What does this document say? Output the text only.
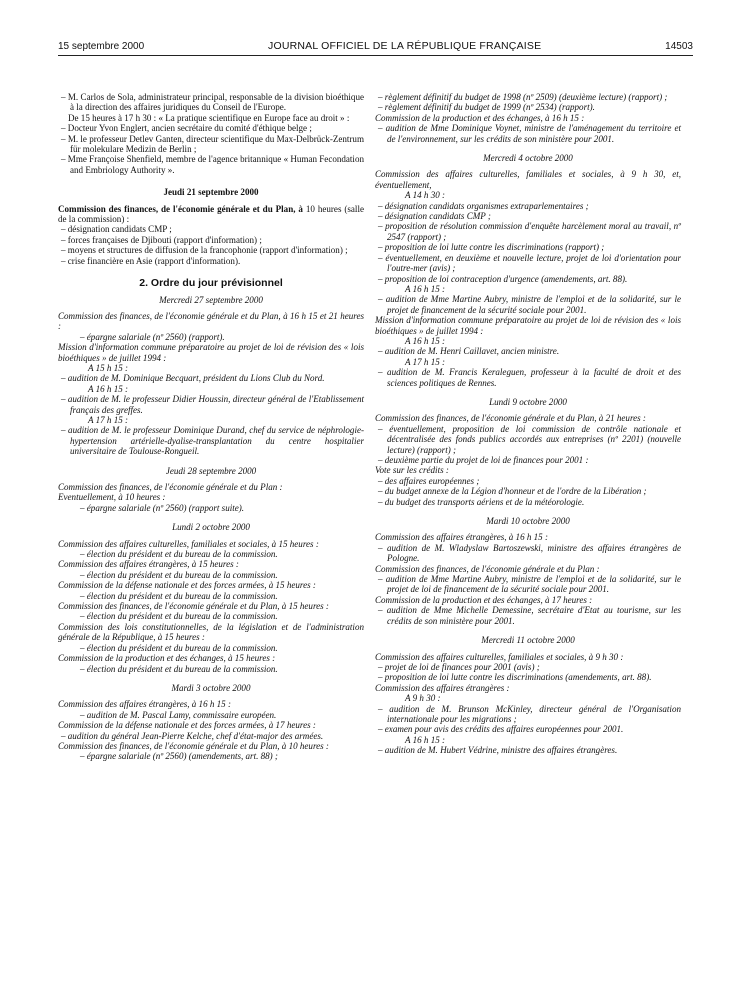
15 septembre 2000	JOURNAL OFFICIEL DE LA RÉPUBLIQUE FRANÇAISE	14503
– M. Carlos de Sola, administrateur principal, responsable de la division bioéthique à la direction des affaires juridiques du Conseil de l'Europe.
De 15 heures à 17 h 30 : « La pratique scientifique en Europe face au droit » :
– Docteur Yvon Englert, ancien secrétaire du comité d'éthique belge ;
– M. le professeur Detlev Ganten, directeur scientifique du Max-Delbrück-Zentrum für molekulare Medizin de Berlin ;
– Mme Françoise Shenfield, membre de l'agence britannique « Human Fecondation and Embriology Authority ».
Jeudi 21 septembre 2000
Commission des finances, de l'économie générale et du Plan, à 10 heures (salle de la commission) :
– désignation candidats CMP ;
– forces françaises de Djibouti (rapport d'information) ;
– moyens et structures de diffusion de la francophonie (rapport d'information) ;
– crise financière en Asie (rapport d'information).
2. Ordre du jour prévisionnel
Mercredi 27 septembre 2000
Commission des finances, de l'économie générale et du Plan, à 16 h 15 et 21 heures :
– épargne salariale (nº 2560) (rapport).
Mission d'information commune préparatoire au projet de loi de révision des « lois bioéthiques » de juillet 1994 :
A 15 h 15 :
– audition de M. Dominique Becquart, président du Lions Club du Nord.
A 16 h 15 :
– audition de M. le professeur Didier Houssin, directeur général de l'Etablissement français des greffes.
A 17 h 15 :
– audition de M. le professeur Dominique Durand, chef du service de néphrologie-hypertension artérielle-dyalise-transplantation du centre hospitalier universitaire de Toulouse-Rongueil.
Jeudi 28 septembre 2000
Commission des finances, de l'économie générale et du Plan :
Eventuellement, à 10 heures :
– épargne salariale (nº 2560) (rapport suite).
Lundi 2 octobre 2000
Commission des affaires culturelles, familiales et sociales, à 15 heures :
– élection du président et du bureau de la commission.
Commission des affaires étrangères, à 15 heures :
– élection du président et du bureau de la commission.
Commission de la défense nationale et des forces armées, à 15 heures :
– élection du président et du bureau de la commission.
Commission des finances, de l'économie générale et du Plan, à 15 heures :
– élection du président et du bureau de la commission.
Commission des lois constitutionnelles, de la législation et de l'administration générale de la République, à 15 heures :
– élection du président et du bureau de la commission.
Commission de la production et des échanges, à 15 heures :
– élection du président et du bureau de la commission.
Mardi 3 octobre 2000
Commission des affaires étrangères, à 16 h 15 :
– audition de M. Pascal Lamy, commissaire européen.
Commission de la défense nationale et des forces armées, à 17 heures :
– audition du général Jean-Pierre Kelche, chef d'état-major des armées.
Commission des finances, de l'économie générale et du Plan, à 10 heures :
– épargne salariale (nº 2560) (amendements, art. 88) ;
– règlement définitif du budget de 1998 (nº 2509) (deuxième lecture) (rapport) ;
– règlement définitif du budget de 1999 (nº 2534) (rapport).
Commission de la production et des échanges, à 16 h 15 :
– audition de Mme Dominique Voynet, ministre de l'aménagement du territoire et de l'environnement, sur les crédits de son ministère pour 2001.
Mercredi 4 octobre 2000
Commission des affaires culturelles, familiales et sociales, à 9 h 30, et, éventuellement,
A 14 h 30 :
– désignation candidats organismes extraparlementaires ;
– désignation candidats CMP ;
– proposition de résolution commission d'enquête harcèlement moral au travail, nº 2547 (rapport) ;
– proposition de loi lutte contre les discriminations (rapport) ;
– éventuellement, en deuxième et nouvelle lecture, projet de loi d'orientation pour l'outre-mer (avis) ;
– proposition de loi contraception d'urgence (amendements, art. 88).
A 16 h 15 :
– audition de Mme Martine Aubry, ministre de l'emploi et de la solidarité, sur le projet de financement de la sécurité sociale pour 2001.
Mission d'information commune préparatoire au projet de loi de révision des « lois bioéthiques » de juillet 1994 :
A 16 h 15 :
– audition de M. Henri Caillavet, ancien ministre.
A 17 h 15 :
– audition de M. Francis Keraleguen, professeur à la faculté de droit et des sciences politiques de Rennes.
Lundi 9 octobre 2000
Commission des finances, de l'économie générale et du Plan, à 21 heures :
– éventuellement, proposition de loi commission de contrôle nationale et décentralisée des fonds publics accordés aux entreprises (nº 2201) (nouvelle lecture) (rapport) ;
– deuxième partie du projet de loi de finances pour 2001 :
Vote sur les crédits :
– des affaires européennes ;
– du budget annexe de la Légion d'honneur et de l'ordre de la Libération ;
– du budget des transports aériens et de la météorologie.
Mardi 10 octobre 2000
Commission des affaires étrangères, à 16 h 15 :
– audition de M. Wladyslaw Bartoszewski, ministre des affaires étrangères de Pologne.
Commission des finances, de l'économie générale et du Plan :
– audition de Mme Martine Aubry, ministre de l'emploi et de la solidarité, sur le projet de loi de financement de la sécurité sociale pour 2001.
Commission de la production et des échanges, à 17 heures :
– audition de Mme Michelle Demessine, secrétaire d'Etat au tourisme, sur les crédits de son ministère pour 2001.
Mercredi 11 octobre 2000
Commission des affaires culturelles, familiales et sociales, à 9 h 30 :
– projet de loi de finances pour 2001 (avis) ;
– proposition de loi lutte contre les discriminations (amendements, art. 88).
Commission des affaires étrangères :
A 9 h 30 :
– audition de M. Brunson McKinley, directeur général de l'Organisation internationale pour les migrations ;
– examen pour avis des crédits des affaires européennes pour 2001.
A 16 h 15 :
– audition de M. Hubert Védrine, ministre des affaires étrangères.
